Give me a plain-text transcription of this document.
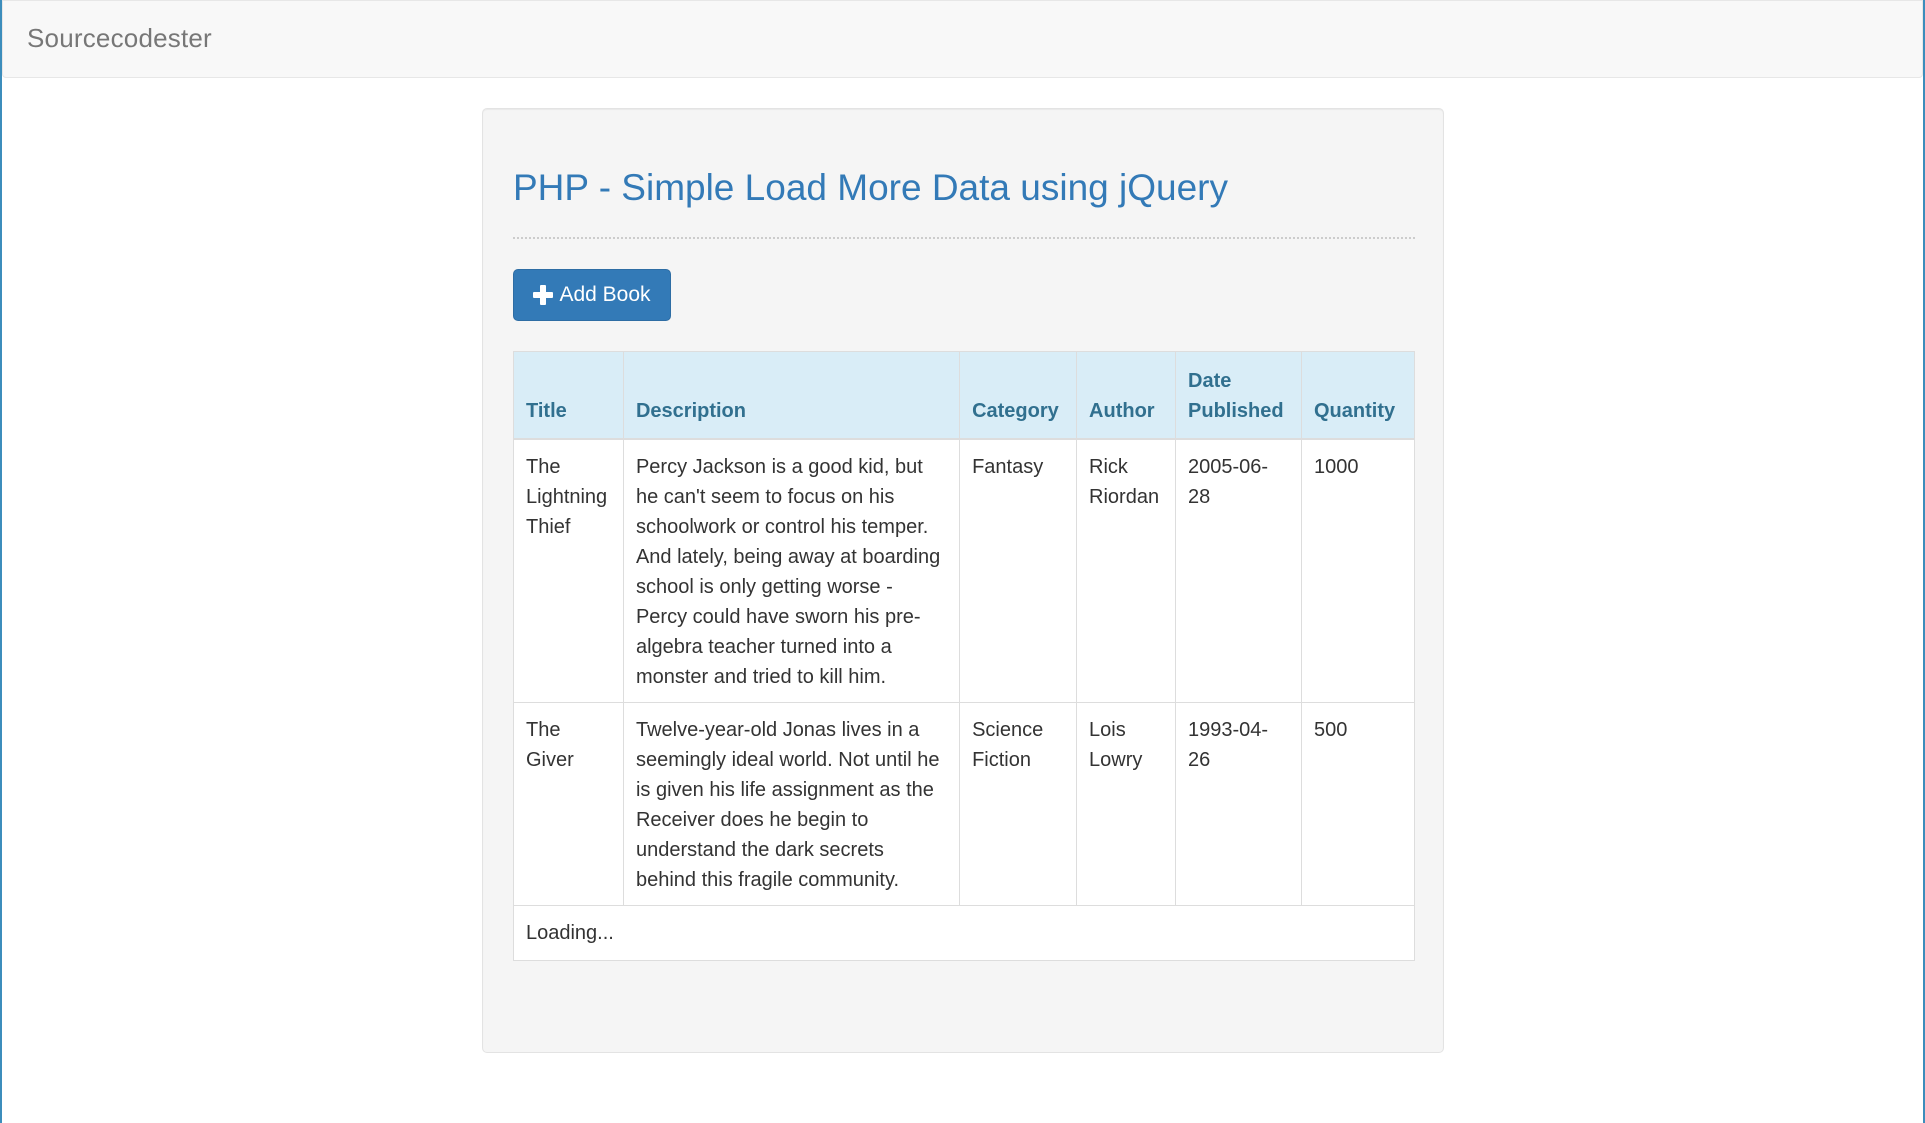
Sourcecodester
PHP - Simple Load More Data using jQuery
Add Book
Title	Description	Category	Author	Date Published	Quantity
The Lightning Thief	Percy Jackson is a good kid, but he can't seem to focus on his schoolwork or control his temper. And lately, being away at boarding school is only getting worse - Percy could have sworn his pre-algebra teacher turned into a monster and tried to kill him.	Fantasy	Rick Riordan	2005-06-28	1000
The Giver	Twelve-year-old Jonas lives in a seemingly ideal world. Not until he is given his life assignment as the Receiver does he begin to understand the dark secrets behind this fragile community.	Science Fiction	Lois Lowry	1993-04-26	500
Loading...					
